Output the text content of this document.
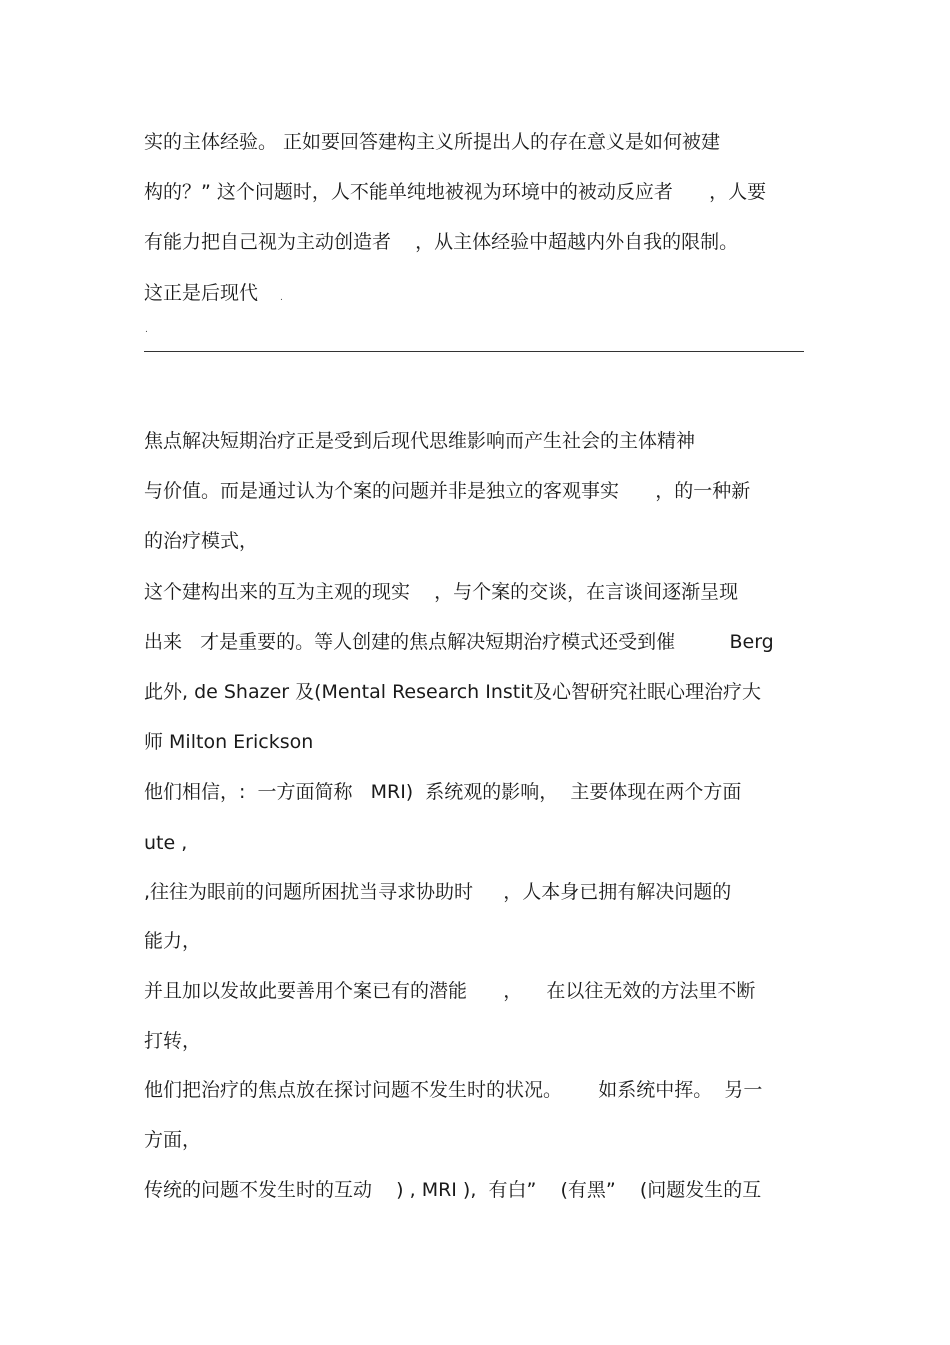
实的主体经验。 正如要回答建构主义所提出人的存在意义是如何被建
构的？” 这个问题时，人不能单纯地被视为环境中的被动反应者      ，人要
有能力把自己视为主动创造者    ，从主体经验中超越内外自我的限制。
这正是后现代 .
.
焦点解决短期治疗正是受到后现代思维影响而产生社会的主体精神
与价值。而是通过认为个案的问题并非是独立的客观事实      ，的一种新
的治疗模式，
这个建构出来的互为主观的现实    ，与个案的交谈，在言谈间逐渐呈现
出来   才是重要的。等人创建的焦点解决短期治疗模式还受到催         Berg
此外, de Shazer 及(Mental Research Instit及心智研究社眠心理治疗大
师 Milton Erickson
他们相信，:  一方面简称   MRI)  系统观的影响，  主要体现在两个方面
ute ,
,往往为眼前的问题所困扰当寻求协助时     ，人本身已拥有解决问题的
能力，
并且加以发故此要善用个案已有的潜能      ，    在以往无效的方法里不断
打转，
他们把治疗的焦点放在探讨问题不发生时的状况。      如系统中挥。  另一
方面，
传统的问题不发生时的互动    ) , MRI ),  有白”    (有黑”    (问题发生的互
